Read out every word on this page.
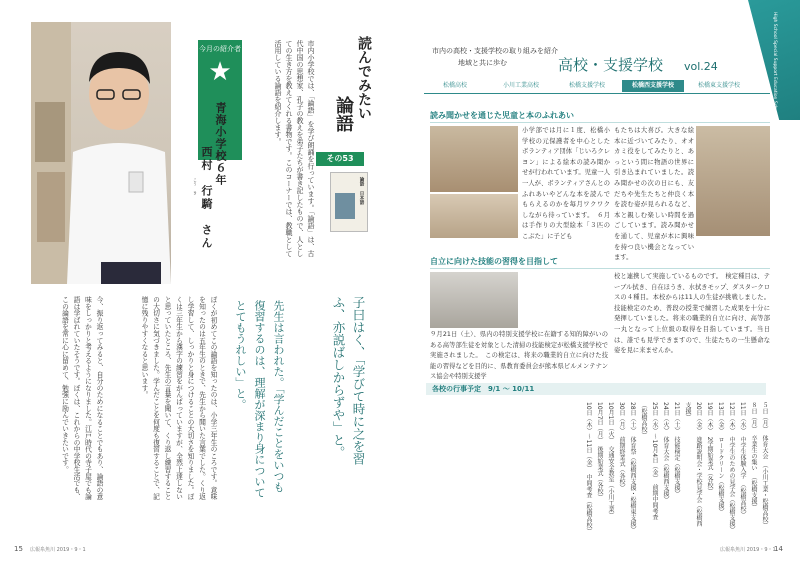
今月の紹介者
★
青海小学校６年
西村　行騎　さん
こう き	市内小学校では、「論語」を学び朗誦を行っています。「論語」は、古代中国の思想家、孔子の教えを弟子たちが書き記したもので、人としての生き方を教えてくれる書物です。このコーナーでは、教職として活用している論語を紹介します。	読んでみたい
論語
その53
論語 日本語
子曰はく、「学びて時に之を習ふ、亦説ばしからずや」と。
先生は言われた。「学んだことをいつも復習するのは、理解が深まり身についてとてもうれしい」と。
ぼくが初めてこの論語を知ったのは、小学三年生のころです。意味を知ったのは五年生のときで、先生から聞いた言葉でした。くり返し学習して、しっかりと身につけることの大切さを知りました。ぼくは三年生から漢字の練習をがんばっていますが、全然上達しないと思っていたところ、先生の言葉を聞いて、くり返し練習することの大切さに気づきました。学んだことを何度も復習することで、記憶に残りやすくなると思います。
今、振り返ってみると、自分のためになることでもあり、論語の意味をしっかりと考えるようになりました。江戸時代の寺子屋でも論語は学ばれていたそうです。ぼくは、これからの中学校生活でも、この論語を常に心に留めて、勉強に励んでいきたいです。
15 広報糸魚川 2019・9・1
High School Special Support Education School
市内の高校・支援学校の取り組みを紹介
地域と共に歩む	高校・支援学校 vol.24
松橋高校	小川工業高校	松橋支援学校	松橋西支援学校	松橋東支援学校
読み聞かせを通じた児童と本のふれあい
小学部では月に１度、松橋小学校の元保護者を中心としたボランティア団体「じいろクレヨン」による絵本の読み聞かせが行われています。児童一人一人が、ボランティアさんとのふれあいやどんな本を読んでもらえるのかを毎月ワクワクしながら待っています。　６月は手作りの大型絵本「３匹のこぶた」に子ども
もたちは大喜び。大きな絵本に近づいてみたり、オオカミ役をしてみたりと、あっという間に物語の世界に引き込まれていました。読み聞かせの次の日にも、友だちや先生たちと仲良く本を読む姿が見られるなど、本と親しむ楽しい時間を過ごしています。読み聞かせを通して、児童が本に興味を持つ良い機会となっています。
自立に向けた技能の習得を目指して
９月21日（土）、県内の特別支援学校に在籍する知的障がいのある高等部生徒を対象とした清掃の技能検定が松橋支援学校で実施されました。　この検定は、将来の職業的自立に向けた技能の習得などを目的に、県教育委員会が熊本県ビルメンテナンス協会や特別支援学
校と連携して実施しているものです。　検定種目は、テーブル拭き、自在ほうき、水拭きモップ、ダスタークロスの４種目。本校からは11人の生徒が挑戦しました。技能検定のため、普段の授業で練習した成果を十分に発揮していました。将来の職業的自立に向け、高等部一丸となって上位級の取得を目指しています。当日は、誰でも見学できますので、生徒たちの一生懸命な姿を見に来ませんか。
各校の行事予定　9/1 ～ 10/11
５日（月）　体育大会　（小川工業・松橋高校）
８日（月）　卒業生の集い　（松橋支援）
11日（水）　中学生体験入学　（松橋高校）
12日（木）　中学生のための見学会（松橋支援）
13日（金）　ロードクリーン（松橋支援）
19日（木）　2学期始業式（各校）
20日（金）　進路説明会・学校見学会（松橋西支援）
21日（土）　技能検定（松橋支援）
24日（火）　体育大会（松橋西支援）
25日（水）～10月4日（金）　前期中間考査（松橋高校）
28日（土）　体育祭（松橋西支援・松橋東支援）
30日（月）　前期終業式（各校）
10月1日（火）　交通安全教室（小川工業）
10月7日（月）　後期始業式（各校）
10日（木）～11日（金）　中間考査（松橋高校）
広報糸魚川 2019・9・1
14
